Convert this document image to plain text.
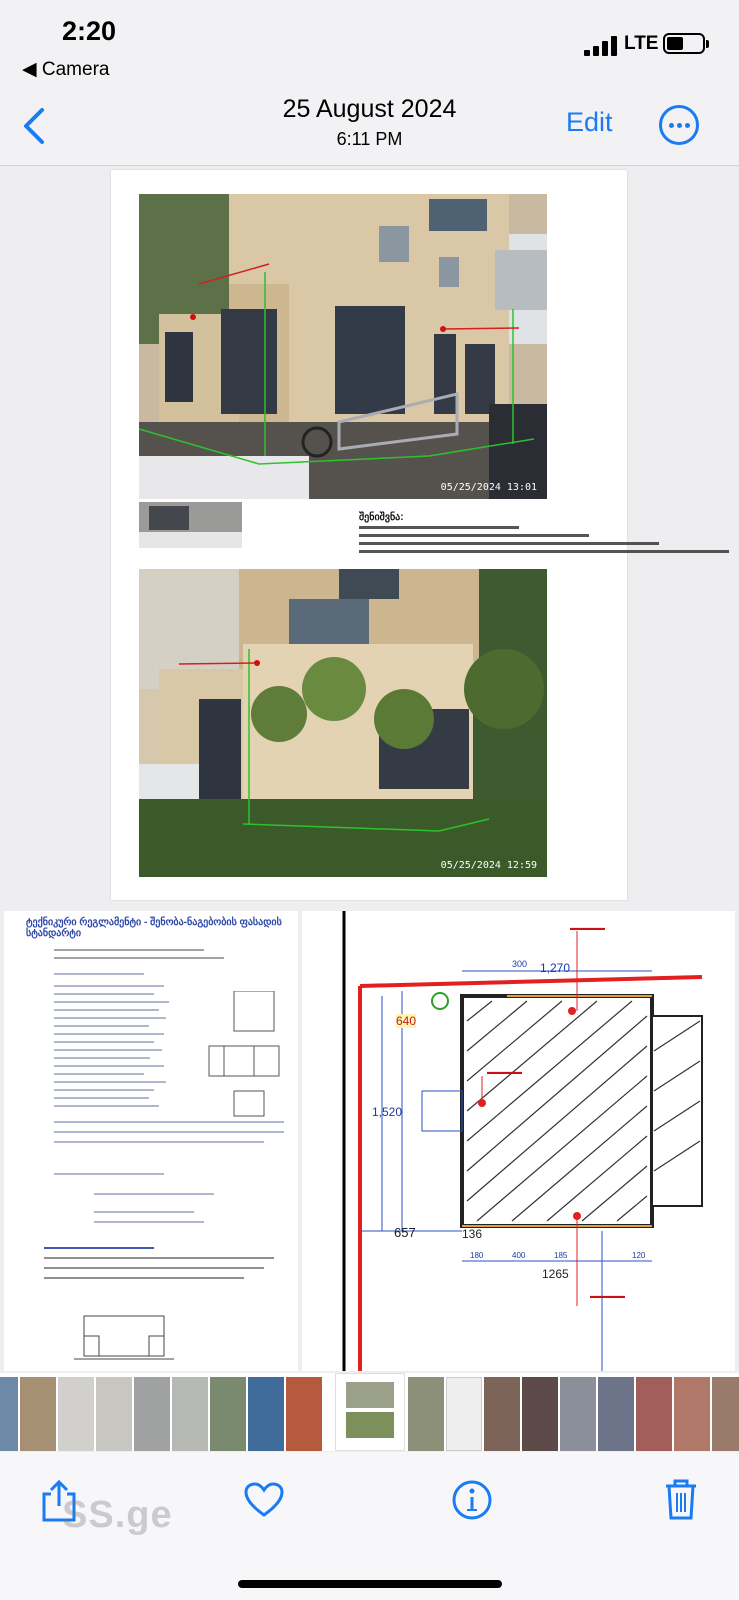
2:20
◀ Camera
LTE
25 August 2024
6:11 PM
Edit
05/25/2024 13:01
შენიშვნა:
05/25/2024 12:59
ტექნიკური რეგლამენტი - შენობა-ნაგებობის ფასადის სტანდარტი	▬▬▬▬▬
▬▬▬▬▬
▬▬▬▬▬
1,270
300
640
1,520
657	136
1265
180	400	185	120
SS.ge
